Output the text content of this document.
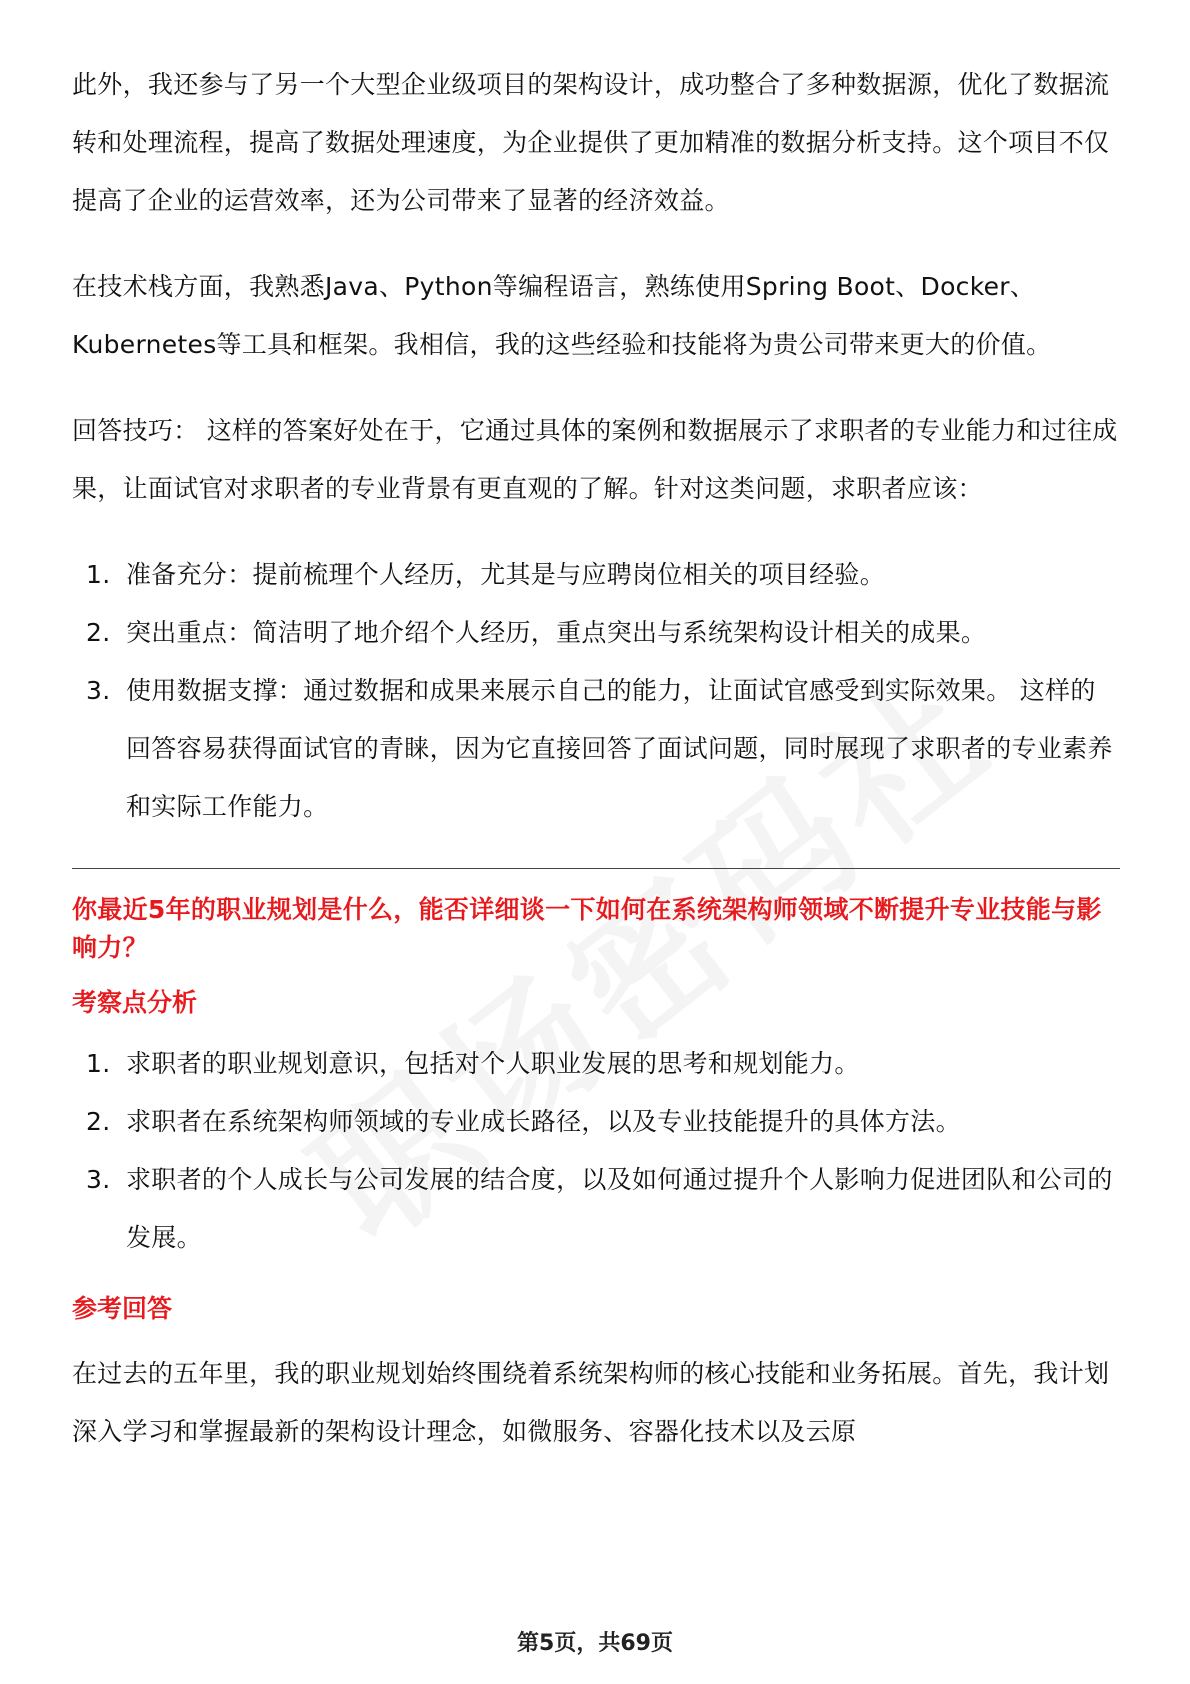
此外，我还参与了另一个大型企业级项目的架构设计，成功整合了多种数据源，优化了数据流转和处理流程，提高了数据处理速度，为企业提供了更加精准的数据分析支持。这个项目不仅提高了企业的运营效率，还为公司带来了显著的经济效益。

在技术栈方面，我熟悉Java、Python等编程语言，熟练使用Spring Boot、Docker、Kubernetes等工具和框架。我相信，我的这些经验和技能将为贵公司带来更大的价值。

回答技巧： 这样的答案好处在于，它通过具体的案例和数据展示了求职者的专业能力和过往成果，让面试官对求职者的专业背景有更直观的了解。针对这类问题，求职者应该：

1. 准备充分：提前梳理个人经历，尤其是与应聘岗位相关的项目经验。
2. 突出重点：简洁明了地介绍个人经历，重点突出与系统架构设计相关的成果。
3. 使用数据支撑：通过数据和成果来展示自己的能力，让面试官感受到实际效果。 这样的回答容易获得面试官的青睐，因为它直接回答了面试问题，同时展现了求职者的专业素养和实际工作能力。

你最近5年的职业规划是什么，能否详细谈一下如何在系统架构师领域不断提升专业技能与影响力？

考察点分析
1. 求职者的职业规划意识，包括对个人职业发展的思考和规划能力。
2. 求职者在系统架构师领域的专业成长路径，以及专业技能提升的具体方法。
3. 求职者的个人成长与公司发展的结合度，以及如何通过提升个人影响力促进团队和公司的发展。
参考回答

在过去的五年里，我的职业规划始终围绕着系统架构师的核心技能和业务拓展。首先，我计划深入学习和掌握最新的架构设计理念，如微服务、容器化技术以及云原

第5页，共69页
